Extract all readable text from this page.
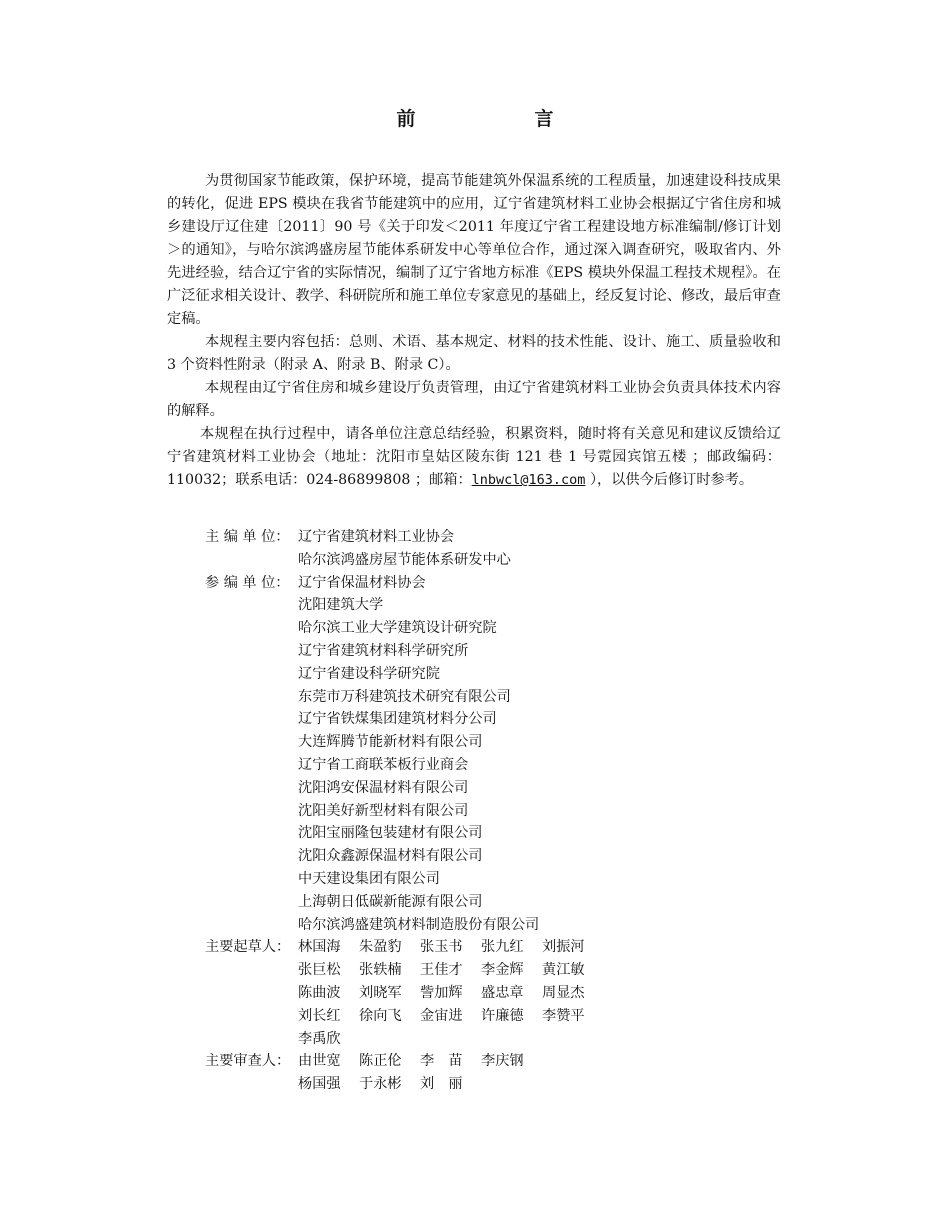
前　言

为贯彻国家节能政策，保护环境，提高节能建筑外保温系统的工程质量，加速建设科技成果的转化，促进 EPS 模块在我省节能建筑中的应用，辽宁省建筑材料工业协会根据辽宁省住房和城乡建设厅辽住建〔2011〕90 号《关于印发＜2011 年度辽宁省工程建设地方标准编制/修订计划＞的通知》，与哈尔滨鸿盛房屋节能体系研发中心等单位合作，通过深入调查研究，吸取省内、外先进经验，结合辽宁省的实际情况，编制了辽宁省地方标准《EPS 模块外保温工程技术规程》。在广泛征求相关设计、教学、科研院所和施工单位专家意见的基础上，经反复讨论、修改，最后审查定稿。

本规程主要内容包括：总则、术语、基本规定、材料的技术性能、设计、施工、质量验收和 3 个资料性附录（附录 A、附录 B、附录 C）。

本规程由辽宁省住房和城乡建设厅负责管理，由辽宁省建筑材料工业协会负责具体技术内容的解释。

本规程在执行过程中，请各单位注意总结经验，积累资料，随时将有关意见和建议反馈给辽宁省建筑材料工业协会（地址：沈阳市皇姑区陵东街 121 巷 1 号霓园宾馆五楼 ；邮政编码：110032；联系电话：024-86899808 ；邮箱：lnbwcl@163.com ），以供今后修订时参考。

主 编 单 位： 辽宁省建筑材料工业协会
哈尔滨鸿盛房屋节能体系研发中心
参 编 单 位： 辽宁省保温材料协会
沈阳建筑大学
哈尔滨工业大学建筑设计研究院
辽宁省建筑材料科学研究所
辽宁省建设科学研究院
东莞市万科建筑技术研究有限公司
辽宁省铁煤集团建筑材料分公司
大连辉腾节能新材料有限公司
辽宁省工商联苯板行业商会
沈阳鸿安保温材料有限公司
沈阳美好新型材料有限公司
沈阳宝丽隆包装建材有限公司
沈阳众鑫源保温材料有限公司
中天建设集团有限公司
上海朝日低碳新能源有限公司
哈尔滨鸿盛建筑材料制造股份有限公司
主要起草人： 林国海	朱盈豹	张玉书	张九红	刘振河
张巨松	张轶楠	王佳才	李金辉	黄江敏
陈曲波	刘晓军	訾加辉	盛忠章	周显杰
刘长红	徐向飞	金宙进	许廉德	李赞平
李禹欣
主要审查人： 由世宽	陈正伦	李　苗	李庆钢
杨国强	于永彬	刘　丽
